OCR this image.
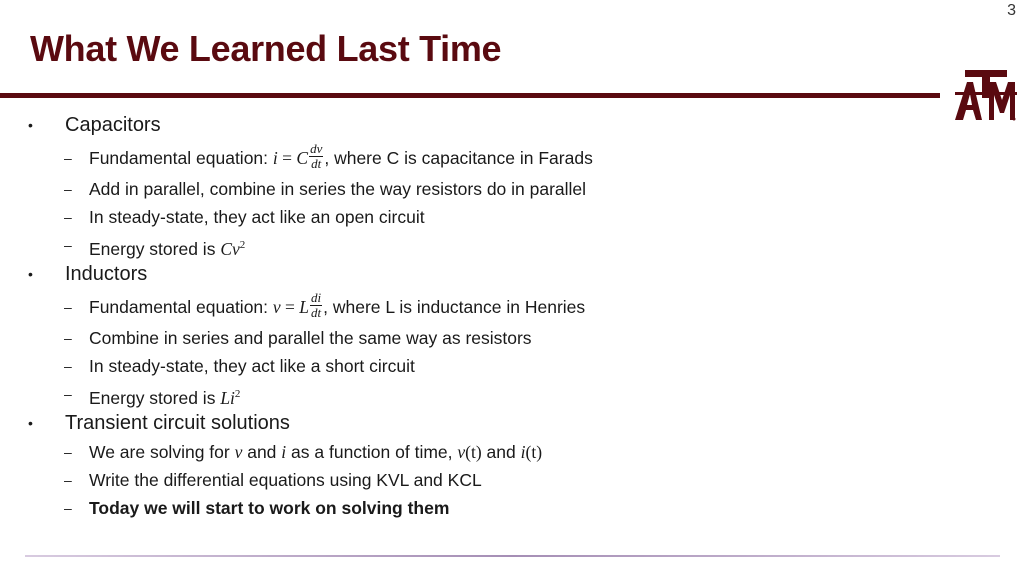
3
What We Learned Last Time
• Capacitors
– Fundamental equation: i = C $\frac{dv}{dt}$ , where C is capacitance in Farads
– Add in parallel, combine in series the way resistors do in parallel
– In steady-state, they act like an open circuit
– Energy stored is Cv$^2$
• Inductors
– Fundamental equation: v = L $\frac{di}{dt}$ , where L is inductance in Henries
– Combine in series and parallel the same way as resistors
– In steady-state, they act like a short circuit
– Energy stored is Li$^2$
• Transient circuit solutions
– We are solving for v and i as a function of time, v(t) and i(t)
– Write the differential equations using KVL and KCL
– Today we will start to work on solving them
